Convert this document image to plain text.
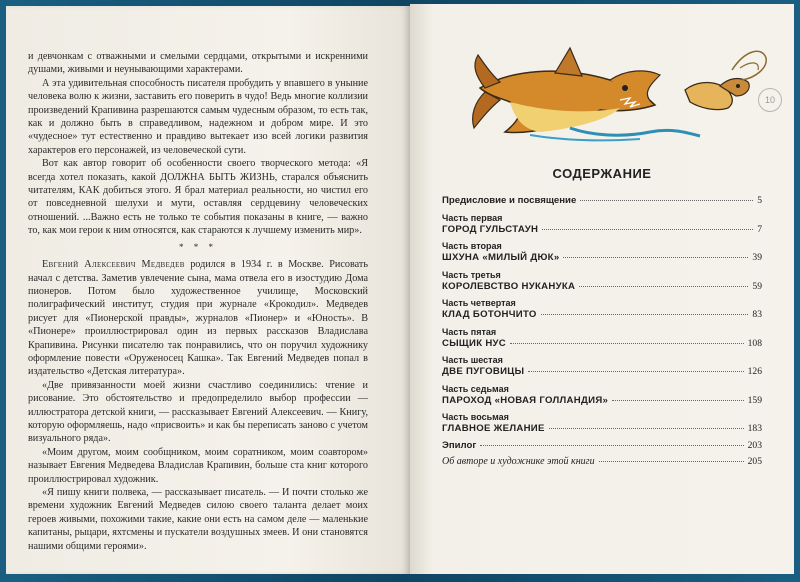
и девчонкам с отважными и смелыми сердцами, открытыми и искренними душами, живыми и неунывающими характерами.

А эта удивительная способность писателя пробудить у впавшего в уныние человека волю к жизни, заставить его поверить в чудо! Ведь многие коллизии произведений Крапивина разрешаются самым чудесным образом, то есть так, как и должно быть в справедливом, надежном и добром мире. И это «чудесное» тут естественно и правдиво вытекает изо всей логики развития характеров его персонажей, из человеческой сути.

Вот как автор говорит об особенности своего творческого метода: «Я всегда хотел показать, какой ДОЛЖНА БЫТЬ ЖИЗНЬ, старался объяснить читателям, КАК добиться этого. Я брал материал реальности, но чистил его от повседневной шелухи и мути, оставляя сердцевину человеческих отношений. ...Важно есть не только те события показаны в книге, — важно то, как мои герои к ним относятся, как стараются к лучшему изменить мир».

* * *

Евгений Алексеевич Медведев родился в 1934 г. в Москве. Рисовать начал с детства. Заметив увлечение сына, мама отвела его в изостудию Дома пионеров. Потом было художественное училище, Московский полиграфический институт, студия при журнале «Крокодил». Медведев рисует для «Пионерской правды», журналов «Пионер» и «Юность». В «Пионере» проиллюстрировал один из первых рассказов Владислава Крапивина. Рисунки писателю так понравились, что он поручил художнику оформление повести «Оруженосец Кашка». Так Евгений Медведев попал в издательство «Детская литература».

«Две привязанности моей жизни счастливо соединились: чтение и рисование. Это обстоятельство и предопределило выбор профессии — иллюстратора детской книги, — рассказывает Евгений Алексеевич. — Книгу, которую оформляешь, надо «присвоить» и как бы переписать заново с учетом визуального ряда».

«Моим другом, моим сообщником, моим соратником, моим соавтором» называет Евгения Медведева Владислав Крапивин, больше ста книг которого проиллюстрировал художник.

«Я пишу книги полвека, — рассказывает писатель. — И почти столько же времени художник Евгений Медведев силою своего таланта делает моих героев живыми, похожими такие, какие они есть на самом деле — маленькие капитаны, рыцари, яхтсмены и пускатели воздушных змеев. И они становятся нашими общими героями».

10
СОДЕРЖАНИЕ
Предисловие и посвящение	5
Часть первая
ГОРОД ГУЛЬСТАУН	7
Часть вторая
ШХУНА «МИЛЫЙ ДЮК»	39
Часть третья
КОРОЛЕВСТВО НУКАНУКА	59
Часть четвертая
КЛАД БОТОНЧИТО	83
Часть пятая
СЫЩИК НУС	108
Часть шестая
ДВЕ ПУГОВИЦЫ	126
Часть седьмая
ПАРОХОД «НОВАЯ ГОЛЛАНДИЯ»	159
Часть восьмая
ГЛАВНОЕ ЖЕЛАНИЕ	183
Эпилог	203
Об авторе и художнике этой книги	205
